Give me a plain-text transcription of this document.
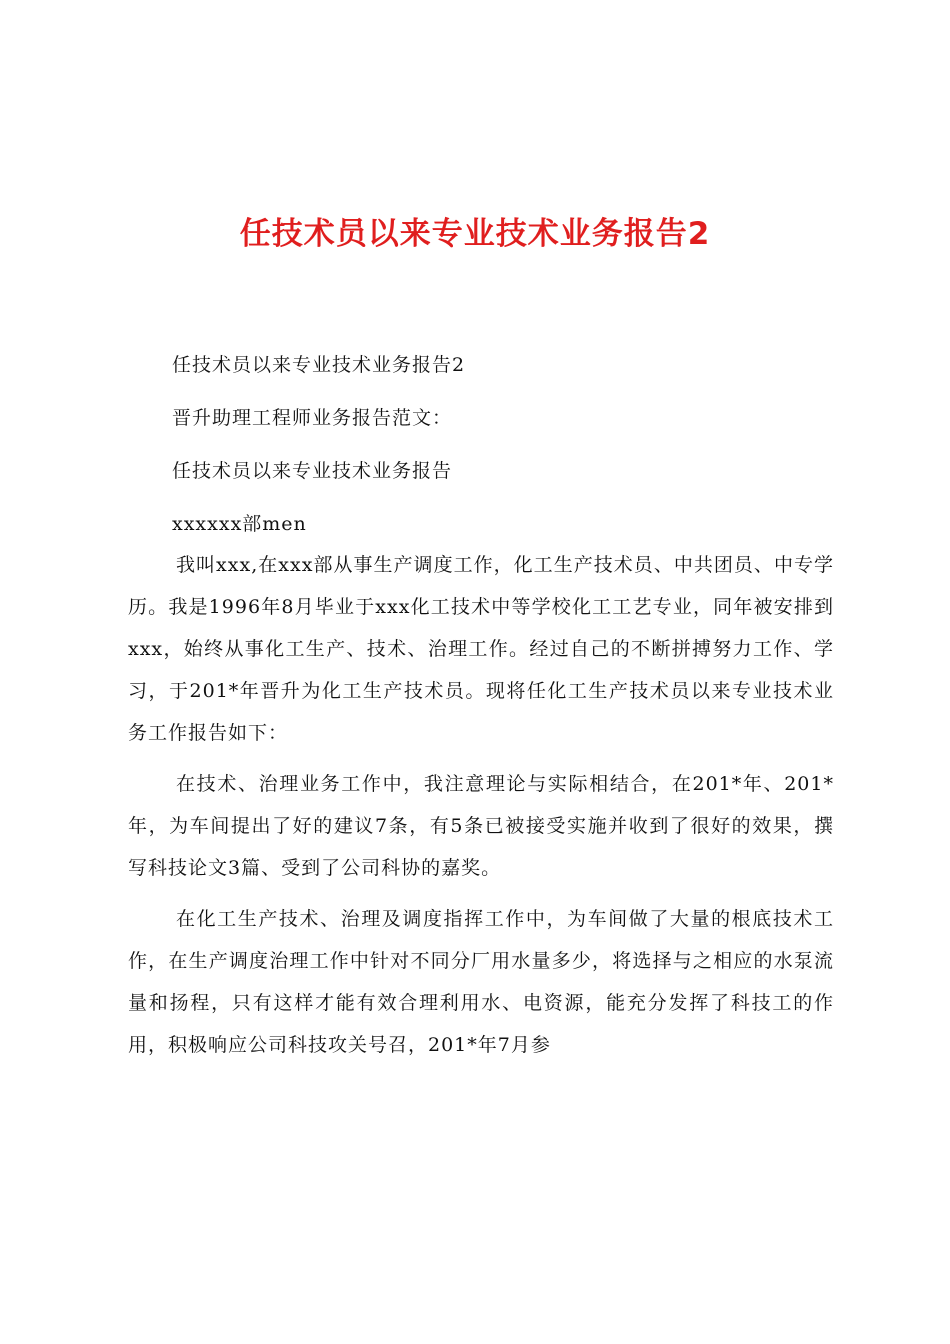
任技术员以来专业技术业务报告2

任技术员以来专业技术业务报告2

晋升助理工程师业务报告范文：

任技术员以来专业技术业务报告

xxxxxx部men

我叫xxx,在xxx部从事生产调度工作，化工生产技术员、中共团员、中专学历。我是1996年8月毕业于xxx化工技术中等学校化工工艺专业，同年被安排到xxx，始终从事化工生产、技术、治理工作。经过自己的不断拼搏努力工作、学习，于201*年晋升为化工生产技术员。现将任化工生产技术员以来专业技术业务工作报告如下：

在技术、治理业务工作中，我注意理论与实际相结合，在201*年、201*年，为车间提出了好的建议7条，有5条已被接受实施并收到了很好的效果，撰写科技论文3篇、受到了公司科协的嘉奖。

在化工生产技术、治理及调度指挥工作中，为车间做了大量的根底技术工作，在生产调度治理工作中针对不同分厂用水量多少，将选择与之相应的水泵流量和扬程，只有这样才能有效合理利用水、电资源，能充分发挥了科技工的作用，积极响应公司科技攻关号召，201*年7月参
